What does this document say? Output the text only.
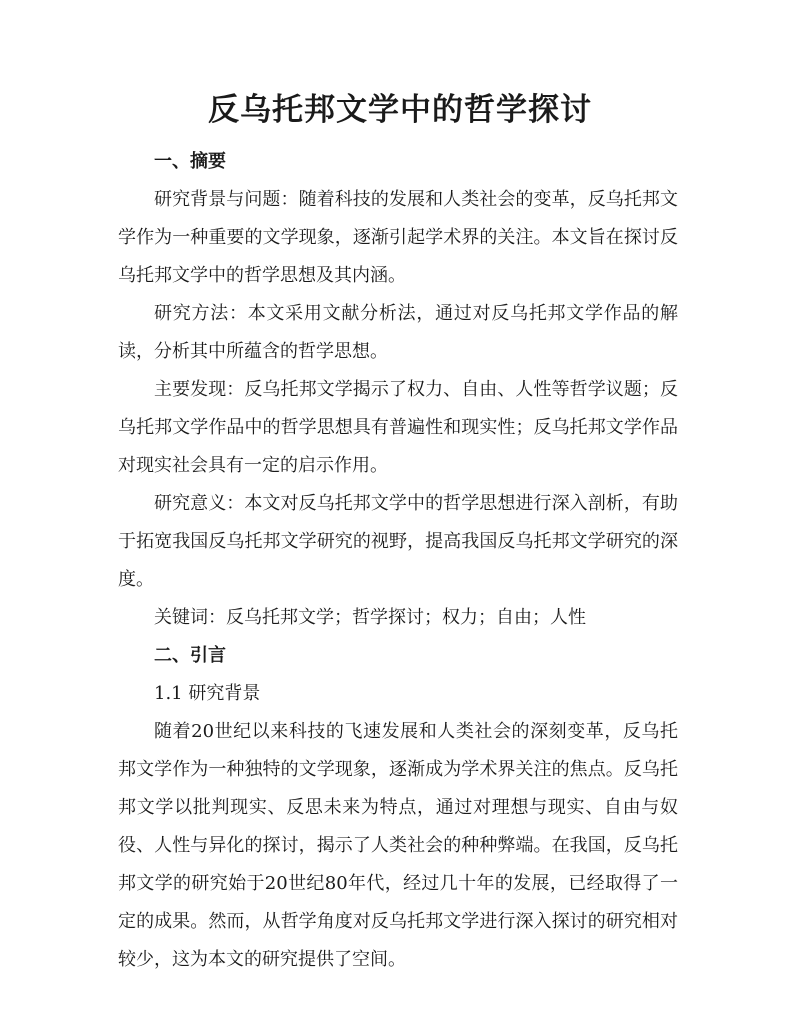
反乌托邦文学中的哲学探讨
一、摘要

研究背景与问题：随着科技的发展和人类社会的变革，反乌托邦文学作为一种重要的文学现象，逐渐引起学术界的关注。本文旨在探讨反乌托邦文学中的哲学思想及其内涵。

研究方法：本文采用文献分析法，通过对反乌托邦文学作品的解读，分析其中所蕴含的哲学思想。

主要发现：反乌托邦文学揭示了权力、自由、人性等哲学议题；反乌托邦文学作品中的哲学思想具有普遍性和现实性；反乌托邦文学作品对现实社会具有一定的启示作用。

研究意义：本文对反乌托邦文学中的哲学思想进行深入剖析，有助于拓宽我国反乌托邦文学研究的视野，提高我国反乌托邦文学研究的深度。

关键词：反乌托邦文学；哲学探讨；权力；自由；人性

二、引言

1.1 研究背景

随着20世纪以来科技的飞速发展和人类社会的深刻变革，反乌托邦文学作为一种独特的文学现象，逐渐成为学术界关注的焦点。反乌托邦文学以批判现实、反思未来为特点，通过对理想与现实、自由与奴役、人性与异化的探讨，揭示了人类社会的种种弊端。在我国，反乌托邦文学的研究始于20世纪80年代，经过几十年的发展，已经取得了一定的成果。然而，从哲学角度对反乌托邦文学进行深入探讨的研究相对较少，这为本文的研究提供了空间。
